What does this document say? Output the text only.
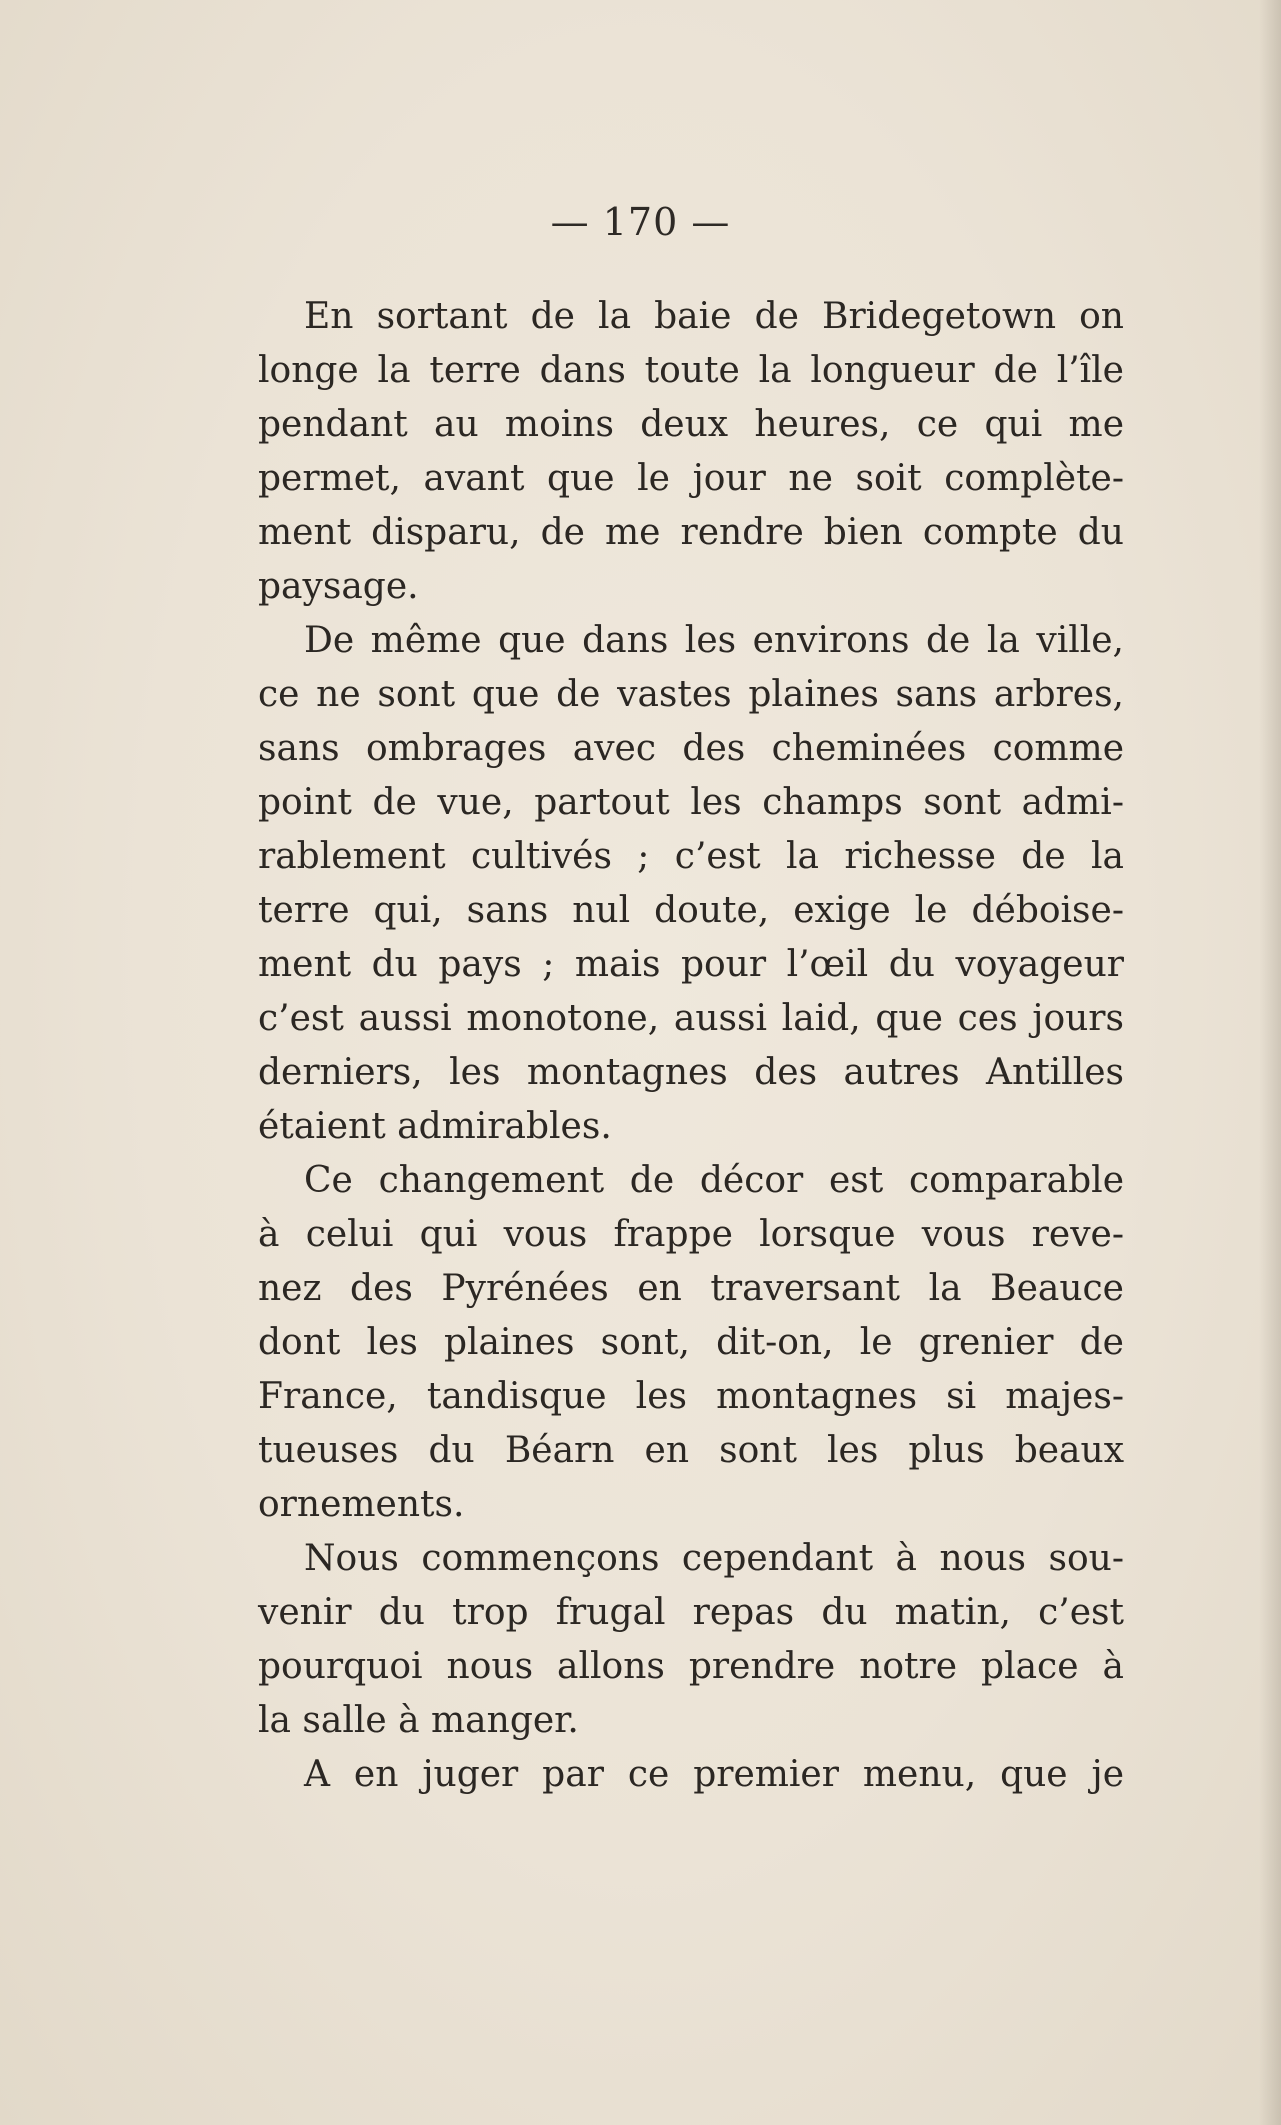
— 170 —

En sortant de la baie de Bridegetown on
longe la terre dans toute la longueur de l’île
pendant au moins deux heures, ce qui me
permet, avant que le jour ne soit complète-
ment disparu, de me rendre bien compte du
paysage.

De même que dans les environs de la ville,
ce ne sont que de vastes plaines sans arbres,
sans ombrages avec des cheminées comme
point de vue, partout les champs sont admi-
rablement cultivés ; c’est la richesse de la
terre qui, sans nul doute, exige le déboise-
ment du pays ; mais pour l’œil du voyageur
c’est aussi monotone, aussi laid, que ces jours
derniers, les montagnes des autres Antilles
étaient admirables.

Ce changement de décor est comparable
à celui qui vous frappe lorsque vous reve-
nez des Pyrénées en traversant la Beauce
dont les plaines sont, dit-on, le grenier de
France, tandisque les montagnes si majes-
tueuses du Béarn en sont les plus beaux
ornements.

Nous commençons cependant à nous sou-
venir du trop frugal repas du matin, c’est
pourquoi nous allons prendre notre place à
la salle à manger.

A en juger par ce premier menu, que je
